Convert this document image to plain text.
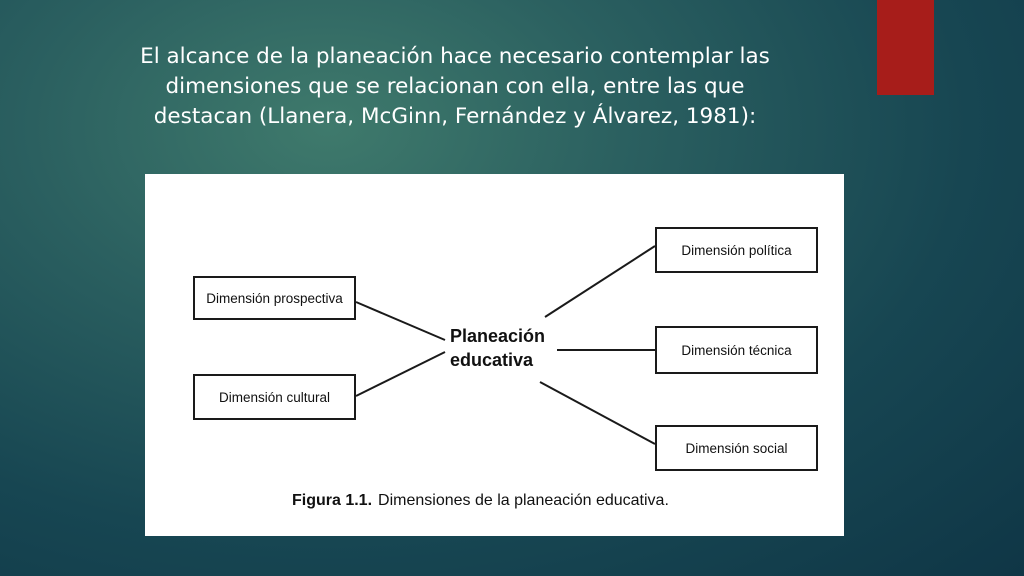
El alcance de la planeación hace necesario contemplar las
dimensiones que se relacionan con ella, entre las que
destacan (Llanera, McGinn, Fernández y Álvarez, 1981):
Dimensión prospectiva
Dimensión cultural
Planeación
educativa
Dimensión política
Dimensión técnica
Dimensión social
Figura 1.1. Dimensiones de la planeación educativa.
